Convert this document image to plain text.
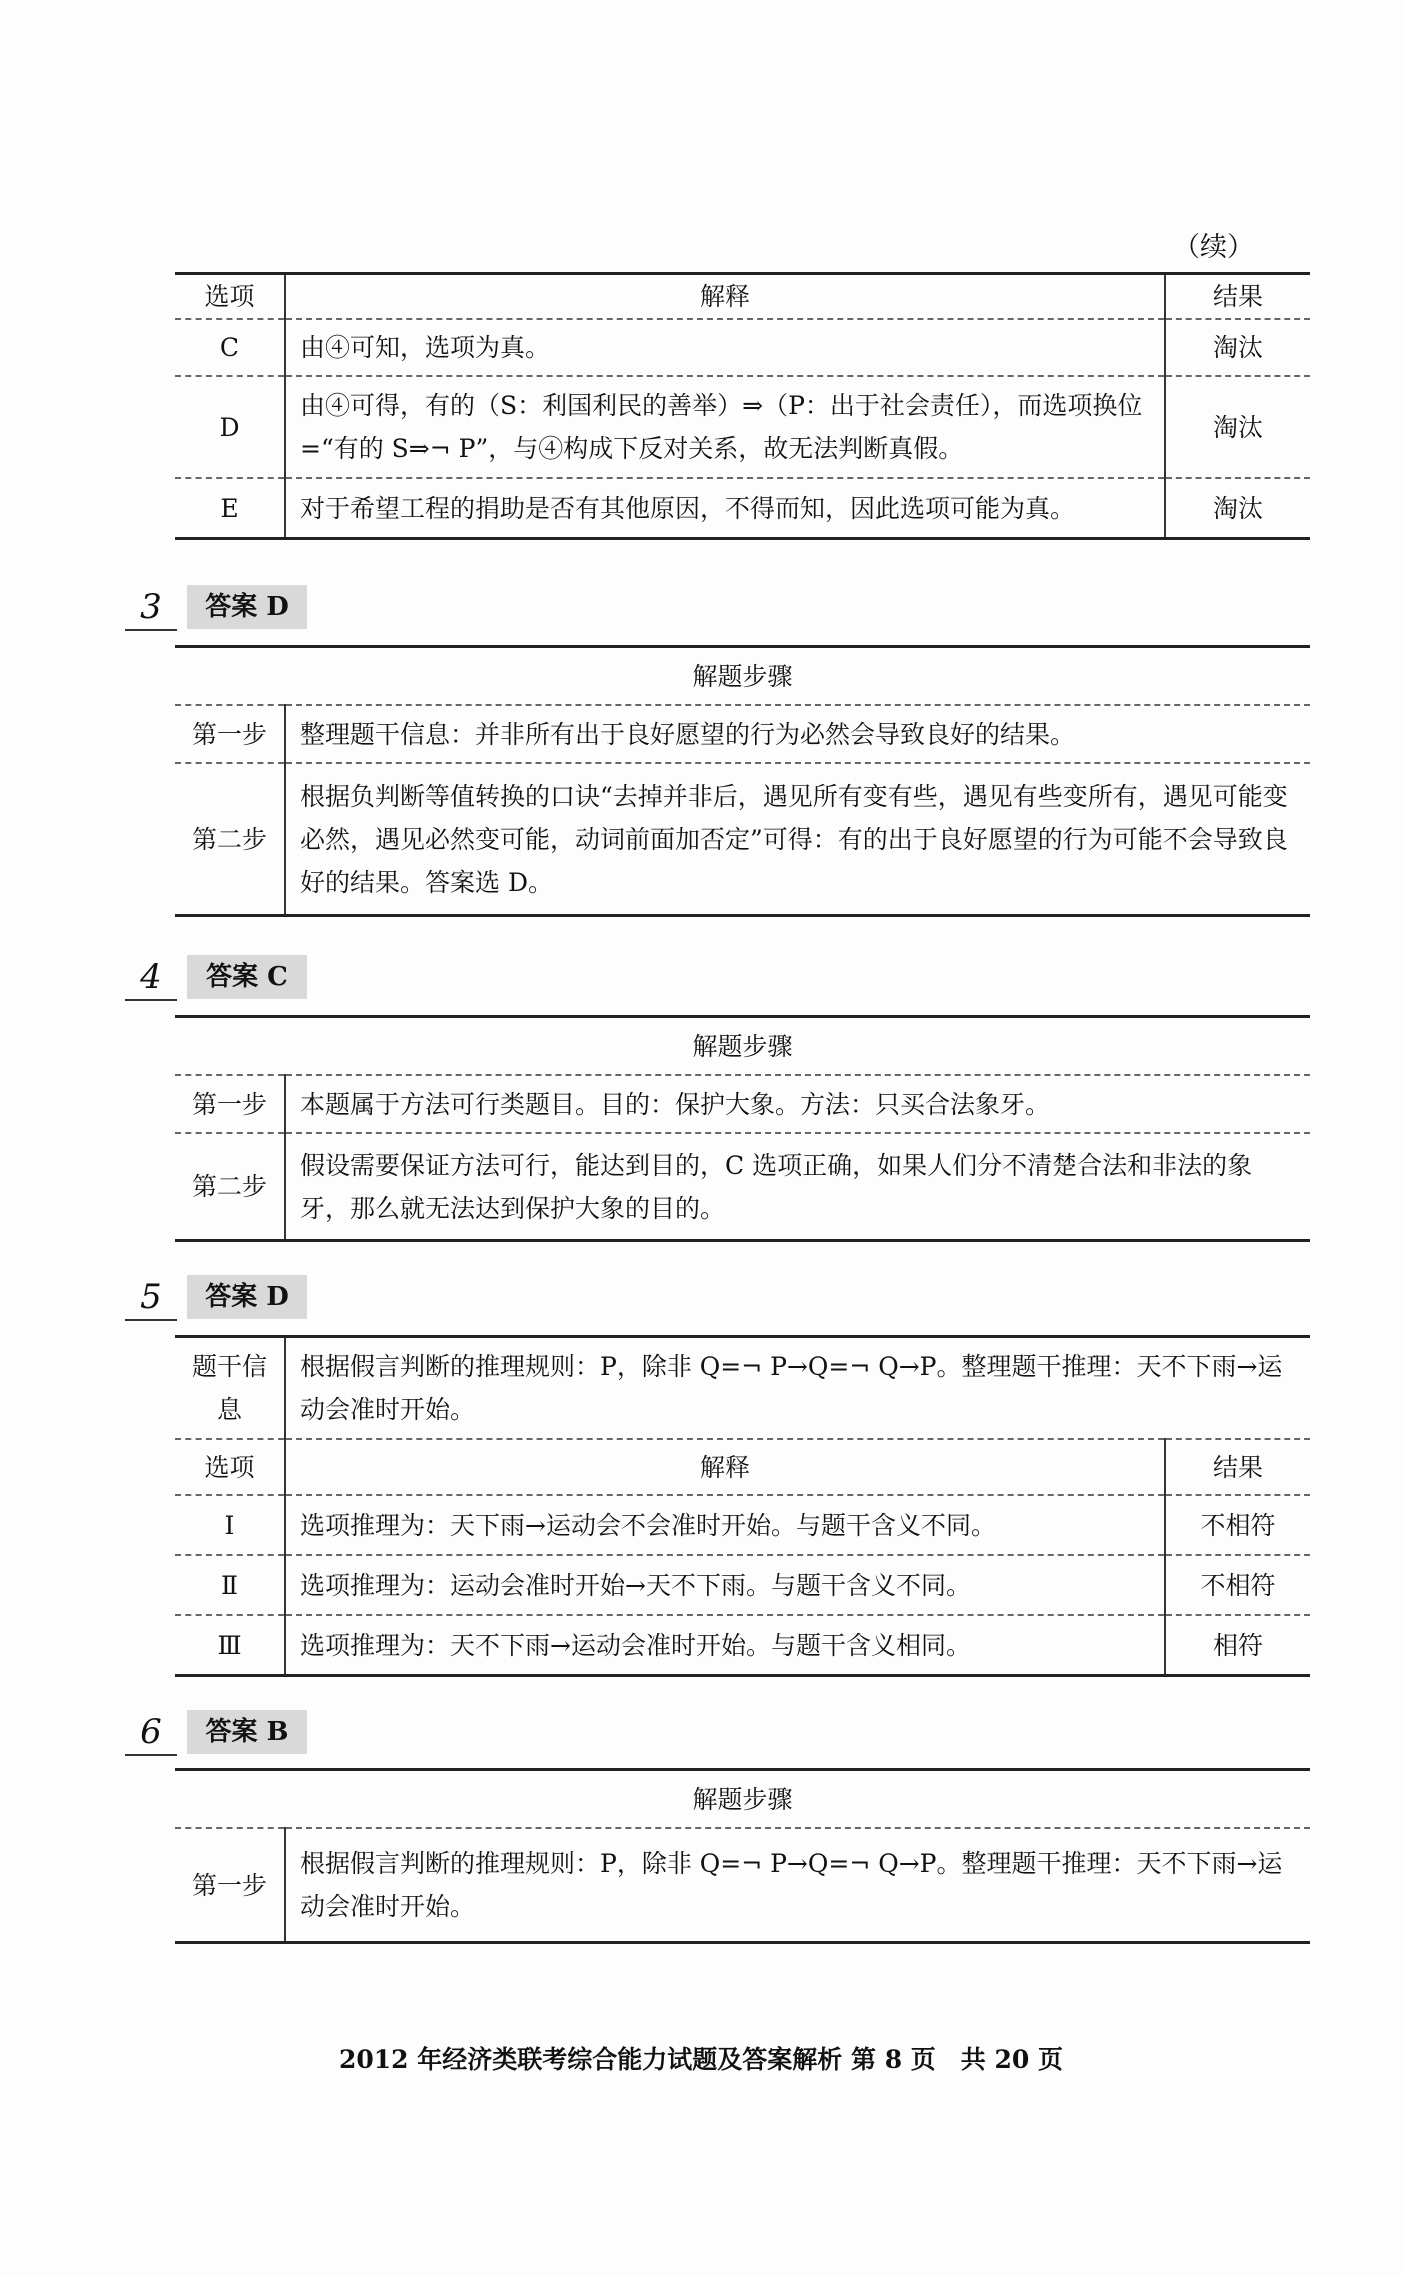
（续）
选项	解释	结果
C	由④可知，选项为真。	淘汰
D	由④可得，有的（S：利国利民的善举）⇒（P：出于社会责任），而选项换位=“有的 S⇒¬ P”，与④构成下反对关系，故无法判断真假。	淘汰
E	对于希望工程的捐助是否有其他原因，不得而知，因此选项可能为真。	淘汰
3	答案 D
解题步骤	
第一步	整理题干信息：并非所有出于良好愿望的行为必然会导致良好的结果。
第二步	根据负判断等值转换的口诀“去掉并非后，遇见所有变有些，遇见有些变所有，遇见可能变必然，遇见必然变可能，动词前面加否定”可得：有的出于良好愿望的行为可能不会导致良好的结果。答案选 D。
4	答案 C
解题步骤	
第一步	本题属于方法可行类题目。目的：保护大象。方法：只买合法象牙。
第二步	假设需要保证方法可行，能达到目的，C 选项正确，如果人们分不清楚合法和非法的象牙，那么就无法达到保护大象的目的。
5	答案 D
题干信息	根据假言判断的推理规则：P，除非 Q=¬ P→Q=¬ Q→P。整理题干推理：天不下雨→运动会准时开始。	
选项	解释	结果
Ⅰ	选项推理为：天下雨→运动会不会准时开始。与题干含义不同。	不相符
Ⅱ	选项推理为：运动会准时开始→天不下雨。与题干含义不同。	不相符
Ⅲ	选项推理为：天不下雨→运动会准时开始。与题干含义相同。	相符
6	答案 B
解题步骤
第一步	根据假言判断的推理规则：P，除非 Q=¬ P→Q=¬ Q→P。整理题干推理：天不下雨→运动会准时开始。
2012 年经济类联考综合能力试题及答案解析 第 8 页　共 20 页
